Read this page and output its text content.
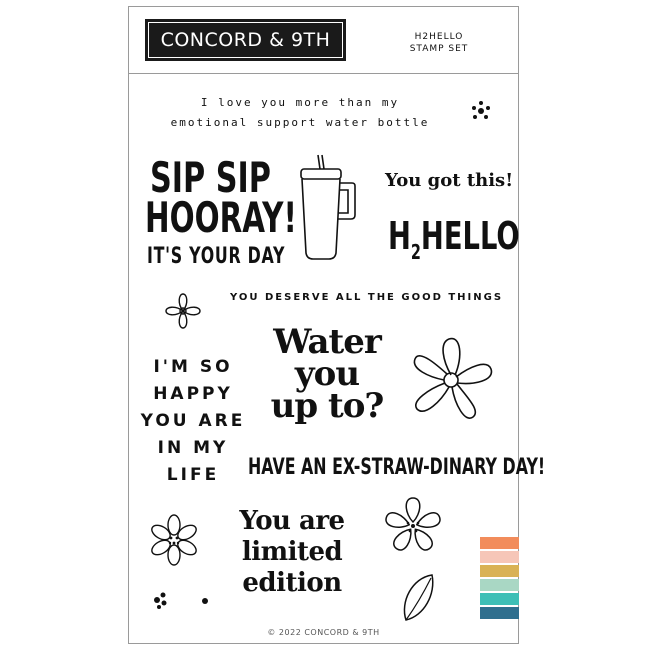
CONCORD & 9TH	H2HELLO
STAMP SET
I love you more than my
emotional support water bottle
SIP SIP
HOORAY!
IT'S YOUR DAY
You got this!
$H_2HELLO$
YOU DESERVE ALL THE GOOD THINGS
Water
you
up to?
I'M SO
HAPPY
YOU ARE
IN MY
LIFE	HAVE AN EX-STRAW-DINARY DAY!
You are
limited
edition
© 2022 CONCORD & 9TH
